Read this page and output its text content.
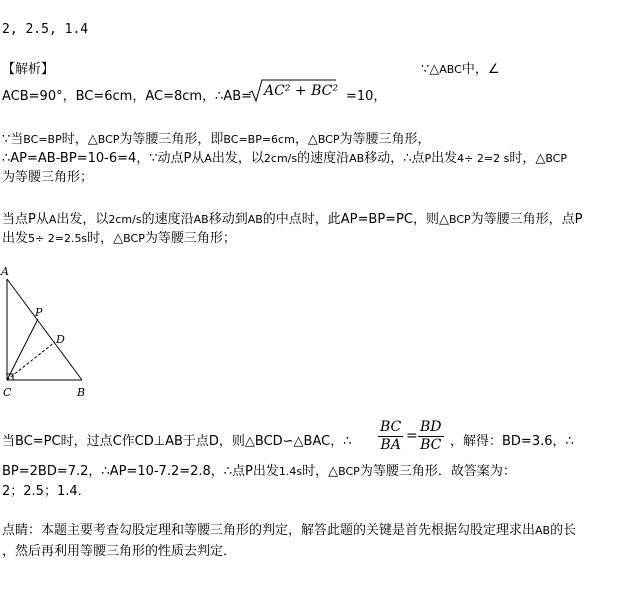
2, 2.5, 1.4
【解析】	∵△ABC中，∠
ACB=90°，BC=6cm，AC=8cm，∴AB= AC² + BC² =10，
∵当BC=BP时，△BCP为等腰三角形，即BC=BP=6cm，△BCP为等腰三角形，
∴AP=AB-BP=10-6=4，∵动点P从A出发，以2cm/s的速度沿AB移动，∴点P出发4÷ 2=2 s时，△BCP
为等腰三角形；
当点P从A出发，以2cm/s的速度沿AB移动到AB的中点时，此AP=BP=PC，则△BCP为等腰三角形，点P
出发5÷ 2=2.5s时，△BCP为等腰三角形；
A
P
D
C	B
当BC=PC时，过点C作CD⊥AB于点D，则△BCD∽△BAC，∴ $\frac{BC}{BA} = \frac{BD}{BC}$ ，解得：BD=3.6，∴
BP=2BD=7.2，∴AP=10-7.2=2.8，∴点P出发1.4s时，△BCP为等腰三角形．故答案为：
2；2.5；1.4．
点睛：本题主要考查勾股定理和等腰三角形的判定，解答此题的关键是首先根据勾股定理求出AB的长
，然后再利用等腰三角形的性质去判定．
